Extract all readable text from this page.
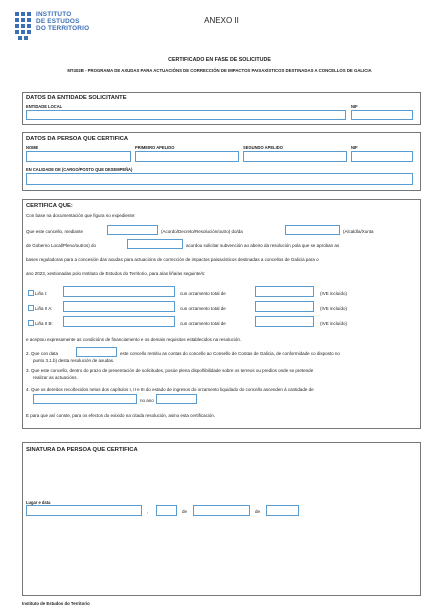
INSTITUTO
DE ESTUDOS
DO TERRITORIO
ANEXO II
CERTIFICADO EN FASE DE SOLICITUDE
MT402B - PROGRAMA DE AXUDAS PARA ACTUACIÓNS DE CORRECCIÓN DE IMPACTOS PAISAXÍSTICOS DESTINADAS A CONCELLOS DE GALICIA
DATOS DA ENTIDADE SOLICITANTE
ENTIDADE LOCAL	NIF
DATOS DA PERSOA QUE CERTIFICA
NOME	PRIMEIRO APELIDO	SEGUNDO APELIDO	NIF
EN CALIDADE DE (CARGO/POSTO QUE DESEMPEÑA)
CERTIFICA QUE:
Con base na documentación que figura no expediente:
Que este concello, mediante	(Acordo/Decreto/Resolución/outro) do/da	(Alcaldía/Xunta
de Goberno Local/Pleno/outros) do	acordou solicitar subvención ao abeiro da resolución pola que se aproban as
bases reguladoras para a concesión das axudas para actuacións de corrección de impactos paisaxísticos destinadas a concellos de Galicia para o
ano 2023, xestionadas polo Instituto de Estudos do Territorio, para a/as liña/as seguinte/s:
Liña I:	cun orzamento total de	(IVE incluído)
Liña II A:	cun orzamento total de	(IVE incluído)
Liña II B:	cun orzamento total de	(IVE incluído)
e aceptou expresamente as condicións de financiamento e os demais requisitos establecidos na resolución.
2. Que con data	este concello remitiu as contas do concello ao Consello de Contas de Galicia, de conformidade co disposto no
punto 3.1.b) desta resolución de axudas.
3. Que este concello, dentro do prazo de presentación de solicitudes, posúe plena dispoñibilidade sobre os terreos ou predios onde se pretende
realizar as actuacións.
4. Que os dereitos recoñecidos netos dos capítulos I, II e III do estado de ingresos do orzamento liquidado do concello ascenden á cantidade de
no ano
E para que así conste, para os efectos do exixido na citada resolución, asino esta certificación.
SINATURA DA PERSOA QUE CERTIFICA
Lugar e data
,	de	de
Instituto de Estudos do Territorio
